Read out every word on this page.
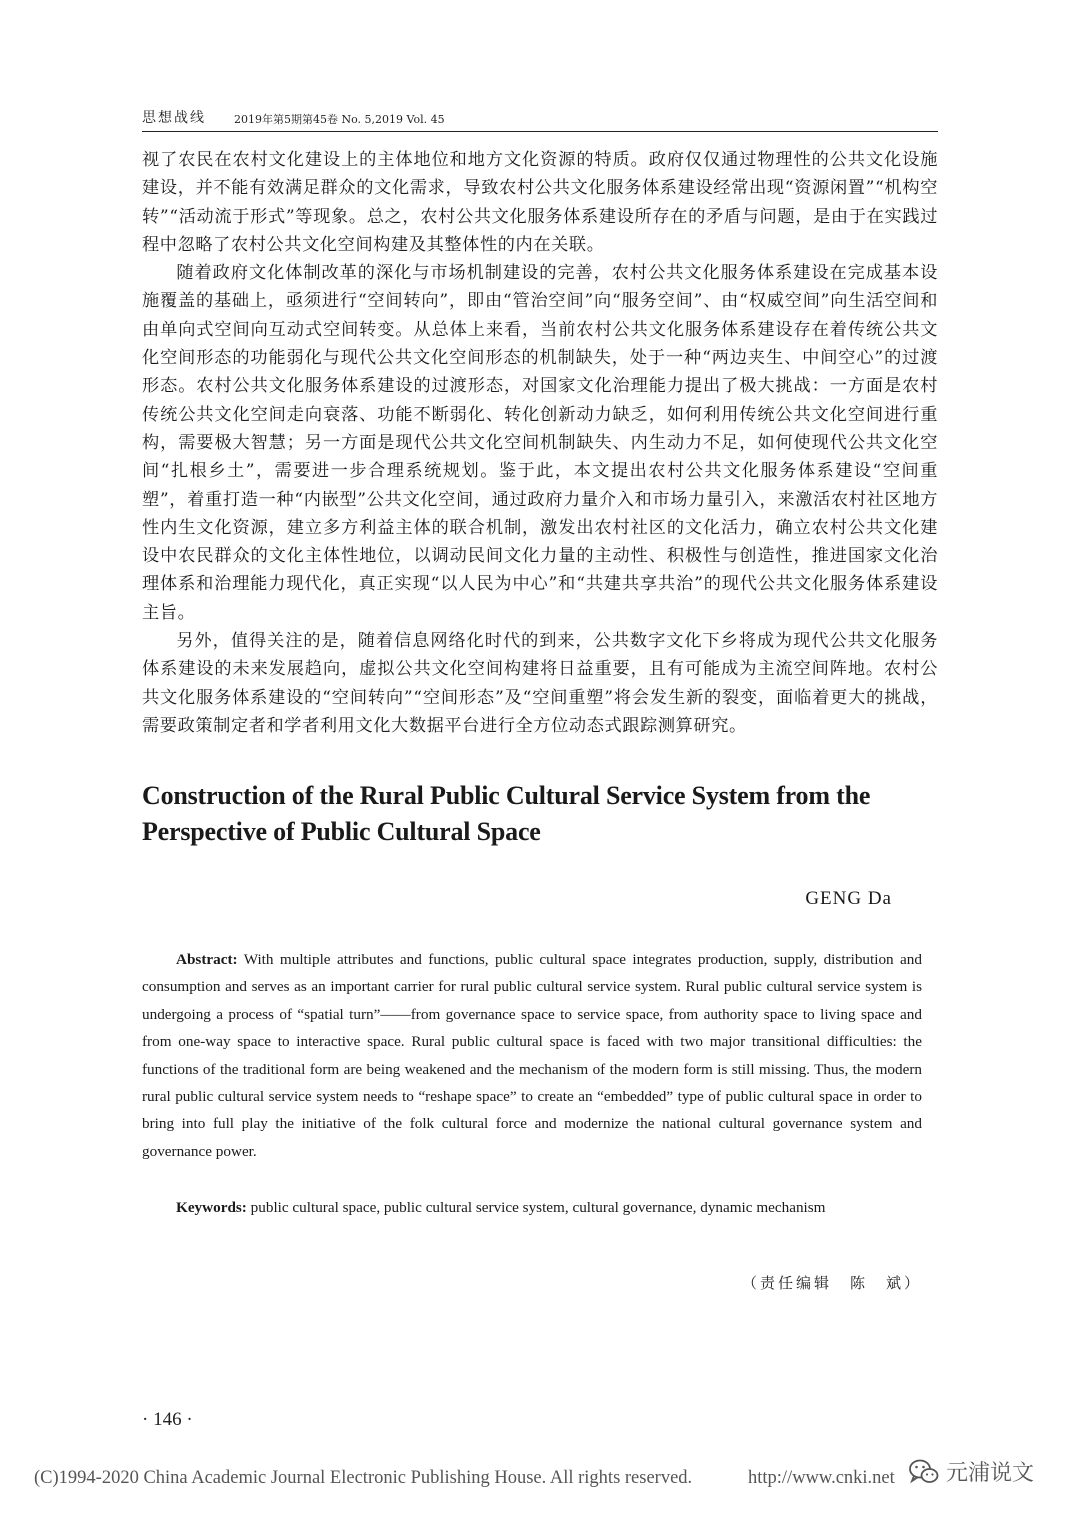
思想战线	2019年第5期第45卷 No. 5,2019 Vol. 45

视了农民在农村文化建设上的主体地位和地方文化资源的特质。政府仅仅通过物理性的公共文化设施建设，并不能有效满足群众的文化需求，导致农村公共文化服务体系建设经常出现“资源闲置”“机构空转”“活动流于形式”等现象。总之，农村公共文化服务体系建设所存在的矛盾与问题，是由于在实践过程中忽略了农村公共文化空间构建及其整体性的内在关联。

随着政府文化体制改革的深化与市场机制建设的完善，农村公共文化服务体系建设在完成基本设施覆盖的基础上，亟须进行“空间转向”，即由“管治空间”向“服务空间”、由“权威空间”向生活空间和由单向式空间向互动式空间转变。从总体上来看，当前农村公共文化服务体系建设存在着传统公共文化空间形态的功能弱化与现代公共文化空间形态的机制缺失，处于一种“两边夹生、中间空心”的过渡形态。农村公共文化服务体系建设的过渡形态，对国家文化治理能力提出了极大挑战：一方面是农村传统公共文化空间走向衰落、功能不断弱化、转化创新动力缺乏，如何利用传统公共文化空间进行重构，需要极大智慧；另一方面是现代公共文化空间机制缺失、内生动力不足，如何使现代公共文化空间“扎根乡土”，需要进一步合理系统规划。鉴于此，本文提出农村公共文化服务体系建设“空间重塑”，着重打造一种“内嵌型”公共文化空间，通过政府力量介入和市场力量引入，来激活农村社区地方性内生文化资源，建立多方利益主体的联合机制，激发出农村社区的文化活力，确立农村公共文化建设中农民群众的文化主体性地位，以调动民间文化力量的主动性、积极性与创造性，推进国家文化治理体系和治理能力现代化，真正实现“以人民为中心”和“共建共享共治”的现代公共文化服务体系建设主旨。

另外，值得关注的是，随着信息网络化时代的到来，公共数字文化下乡将成为现代公共文化服务体系建设的未来发展趋向，虚拟公共文化空间构建将日益重要，且有可能成为主流空间阵地。农村公共文化服务体系建设的“空间转向”“空间形态”及“空间重塑”将会发生新的裂变，面临着更大的挑战，需要政策制定者和学者利用文化大数据平台进行全方位动态式跟踪测算研究。

Construction of the Rural Public Cultural Service System from the Perspective of Public Cultural Space
GENG Da

Abstract: With multiple attributes and functions, public cultural space integrates production, supply, distribution and consumption and serves as an important carrier for rural public cultural service system. Rural public cultural service system is undergoing a process of “spatial turn”——from governance space to service space, from authority space to living space and from one-way space to interactive space. Rural public cultural space is faced with two major transitional difficulties: the functions of the traditional form are being weakened and the mechanism of the modern form is still missing. Thus, the modern rural public cultural service system needs to “reshape space” to create an “embedded” type of public cultural space in order to bring into full play the initiative of the folk cultural force and modernize the national cultural governance system and governance power.

Keywords: public cultural space, public cultural service system, cultural governance, dynamic mechanism

（责任编辑　陈　斌）
· 146 ·
(C)1994-2020 China Academic Journal Electronic Publishing House. All rights reserved.	http://www.cnki.net	元浦说文
